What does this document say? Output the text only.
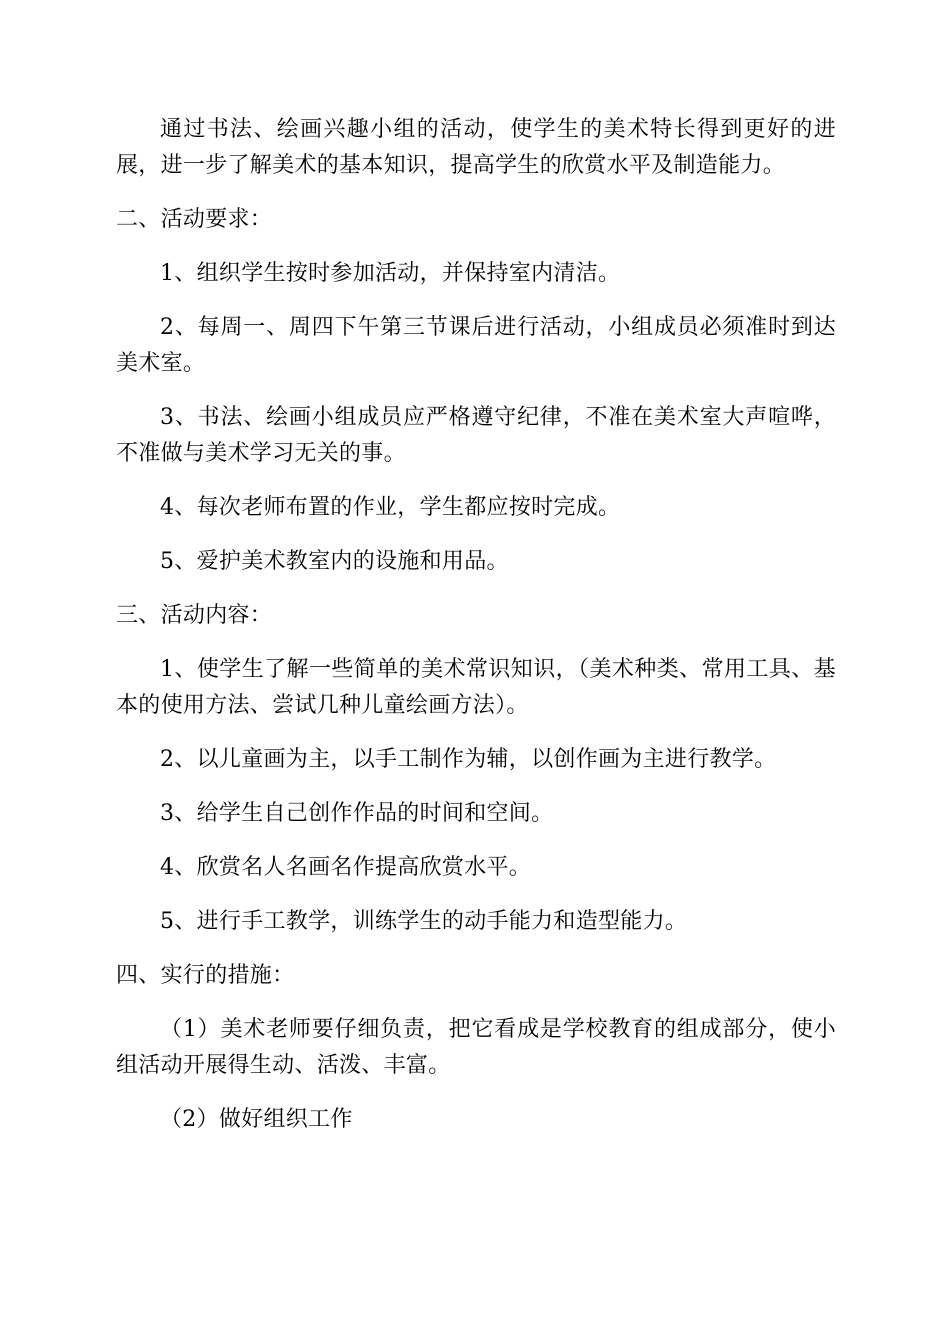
通过书法、绘画兴趣小组的活动，使学生的美术特长得到更好的进展，进一步了解美术的基本知识，提高学生的欣赏水平及制造能力。

二、活动要求：

1、组织学生按时参加活动，并保持室内清洁。

2、每周一、周四下午第三节课后进行活动，小组成员必须准时到达美术室。

3、书法、绘画小组成员应严格遵守纪律，不准在美术室大声喧哗，不准做与美术学习无关的事。

4、每次老师布置的作业，学生都应按时完成。

5、爱护美术教室内的设施和用品。

三、活动内容：

1、使学生了解一些简单的美术常识知识，（美术种类、常用工具、基本的使用方法、尝试几种儿童绘画方法）。

2、以儿童画为主，以手工制作为辅，以创作画为主进行教学。

3、给学生自己创作作品的时间和空间。

4、欣赏名人名画名作提高欣赏水平。

5、进行手工教学，训练学生的动手能力和造型能力。

四、实行的措施：

（1）美术老师要仔细负责，把它看成是学校教育的组成部分，使小组活动开展得生动、活泼、丰富。

（2）做好组织工作
